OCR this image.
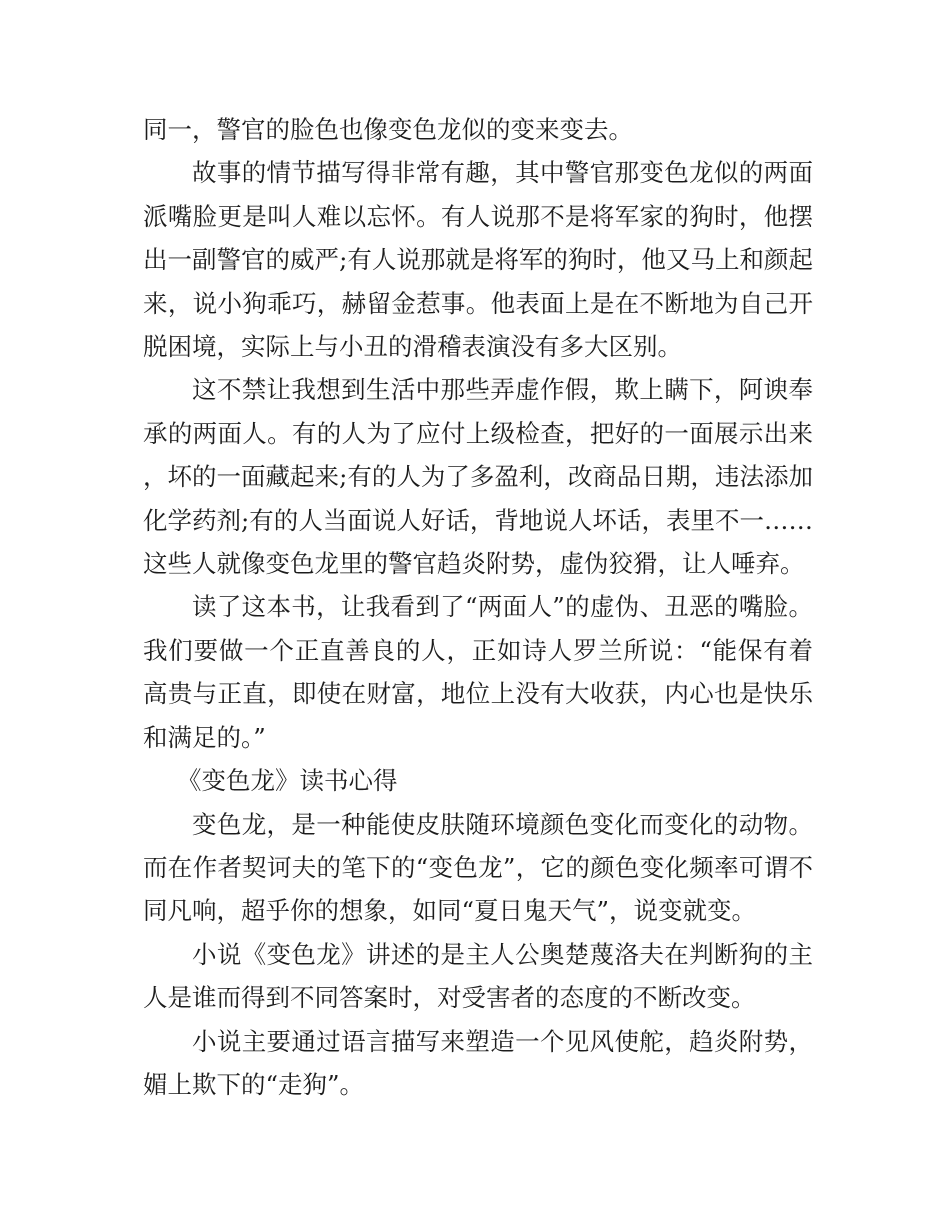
同一，警官的脸色也像变色龙似的变来变去。

故事的情节描写得非常有趣，其中警官那变色龙似的两面派嘴脸更是叫人难以忘怀。有人说那不是将军家的狗时，他摆出一副警官的威严;有人说那就是将军的狗时，他又马上和颜起来，说小狗乖巧，赫留金惹事。他表面上是在不断地为自己开脱困境，实际上与小丑的滑稽表演没有多大区别。

这不禁让我想到生活中那些弄虚作假，欺上瞒下，阿谀奉承的两面人。有的人为了应付上级检查，把好的一面展示出来，坏的一面藏起来;有的人为了多盈利，改商品日期，违法添加化学药剂;有的人当面说人好话，背地说人坏话，表里不一……这些人就像变色龙里的警官趋炎附势，虚伪狡猾，让人唾弃。

读了这本书，让我看到了“两面人”的虚伪、丑恶的嘴脸。我们要做一个正直善良的人，正如诗人罗兰所说：“能保有着高贵与正直，即使在财富，地位上没有大收获，内心也是快乐和满足的。”

《变色龙》读书心得

变色龙，是一种能使皮肤随环境颜色变化而变化的动物。而在作者契诃夫的笔下的“变色龙”，它的颜色变化频率可谓不同凡响，超乎你的想象，如同“夏日鬼天气”，说变就变。

小说《变色龙》讲述的是主人公奥楚蔑洛夫在判断狗的主人是谁而得到不同答案时，对受害者的态度的不断改变。

小说主要通过语言描写来塑造一个见风使舵，趋炎附势，媚上欺下的“走狗”。
